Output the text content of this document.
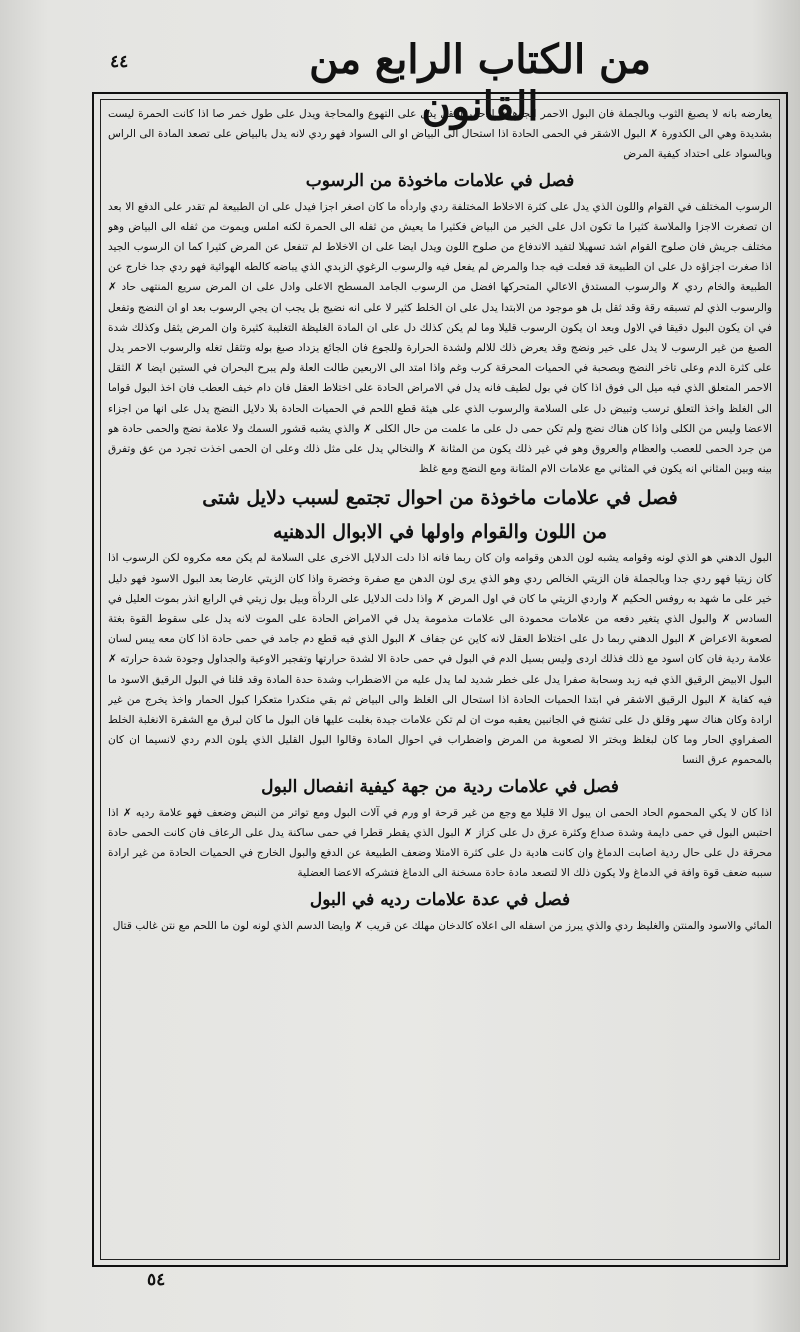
من الكتاب الرابع من القانون
٤٤

يعارضه بانه لا يصبغ الثوب وبالجملة فان البول الاحمر الجوهري الاحمر الثقل يدل على التهوع والمحاجة ويدل على طول خمر صا اذا كانت الحمرة ليست بشديدة وهي الى الكدورة ✗ البول الاشقر في الحمى الحادة اذا استحال الى البياض او الى السواد فهو ردي لانه يدل بالبياض على تصعد المادة الى الراس وبالسواد على احتداد كيفية المرض

فصل في علامات ماخوذة من الرسوب

الرسوب المختلف في القوام واللون الذي يدل على كثرة الاخلاط المختلفة ردي واردأه ما كان اصغر اجزا فيدل على ان الطبيعة لم تقدر على الدفع الا بعد ان تصغرت الاجزا والملاسة كثيرا ما تكون ادل على الخير من البياض فكثيرا ما يعيش من ثفله الى الحمرة لكنه املس ويموت من ثفله الى البياض وهو مختلف جريش فان صلوح القوام اشد تسهيلا لتفيد الاندفاع من صلوح اللون ويدل ايضا على ان الاخلاط لم تنفعل عن المرض كثيرا كما ان الرسوب الجيد اذا صغرت اجزاؤه دل على ان الطبيعة قد فعلت فيه جدا والمرض لم يفعل فيه والرسوب الرغوي الزبدي الذي يباضه كالطه الهوائية فهو ردي جدا خارج عن الطبيعة والخام ردي ✗ والرسوب المستدق الاعالي المتحركها افضل من الرسوب الجامد المسطح الاعلى وادل على ان المرض سريع المنتهى حاد ✗ والرسوب الذي لم تسبقه رقة وقد ثقل بل هو موجود من الابتدا يدل على ان الخلط كثير لا على انه نضيج بل يجب ان يجي الرسوب بعد او ان النضج وتفعل في ان يكون البول دقيقا في الاول وبعد ان يكون الرسوب قليلا وما لم يكن كذلك دل على ان المادة الغليظة التغليبة كثيرة وان المرض يثقل وكذلك شدة الصبغ من غير الرسوب لا يدل على خير ونضج وقد يعرض ذلك للالم ولشدة الحرارة وللجوع فان الجائع يزداد صبغ بوله وتثقل تغله والرسوب الاحمر يدل على كثرة الدم وعلى تاخر النضج وبصحبة في الحميات المحرقة كرب وغم واذا امتد الى الاربعين طالت العلة ولم يبرح البحران في الستين ايضا ✗ الثقل الاحمر المتعلق الذي فيه ميل الى فوق اذا كان في بول لطيف فانه يدل في الامراض الحادة على اختلاط العقل فان دام خيف العطب فان اخذ البول قواما الى الغلظ واخذ التعلق ترسب وتبيض دل على السلامة والرسوب الذي على هيئة قطع اللحم في الحميات الحادة بلا دلايل النضج يدل على انها من اجزاء الاعضا وليس من الكلى واذا كان هناك نضج ولم تكن حمى دل على ما علمت من حال الكلى ✗ والذي يشبه قشور السمك ولا علامة نضج والحمى حادة هو من جرد الحمى للعصب والعظام والعروق وهو في غير ذلك يكون من المثانة ✗ والنخالي يدل على مثل ذلك وعلى ان الحمى اخذت تجرد من عق وتفرق بينه وبين المثاني انه يكون في المثاني مع علامات الام المثانة ومع النضج ومع غلظ

فصل في علامات ماخوذة من احوال تجتمع لسبب دلايل شتى
من اللون والقوام واولها في الابوال الدهنيه

البول الدهني هو الذي لونه وقوامه يشبه لون الدهن وقوامه وان كان ربما فانه اذا دلت الدلايل الاخرى على السلامة لم يكن معه مكروه لكن الرسوب اذا كان زيتيا فهو ردي جدا وبالجملة فان الزيتي الخالص ردي وهو الذي يرى لون الدهن مع صفرة وخضرة واذا كان الزيتي عارضا بعد البول الاسود فهو دليل خير على ما شهد به روفس الحكيم ✗ واردي الزيتي ما كان في اول المرض ✗ واذا دلت الدلايل على الردأة وبيل بول زيتي في الرابع انذر بموت العليل في السادس ✗ والبول الذي يتغير دفعه من علامات محمودة الى علامات مذمومة يدل في الامراض الحادة على الموت لانه يدل على سقوط القوة بغتة لصعوبة الاعراض ✗ البول الدهني ربما دل على اختلاط العقل لانه كاين عن جفاف ✗ البول الذي فيه قطع دم جامد في حمى حادة اذا كان معه يبس لسان علامة ردية فان كان اسود مع ذلك فذلك اردى وليس بسيل الدم في البول في حمى حادة الا لشدة حرارتها وتفجير الاوعية والجداول وجودة شدة حرارته ✗ البول الابيض الرقيق الذي فيه زبد وسحابة صفرا يدل على خطر شديد لما يدل عليه من الاضطراب وشدة حدة المادة وقد قلنا في البول الرقيق الاسود ما فيه كفاية ✗ البول الرقيق الاشقر في ابتدا الحميات الحادة اذا استحال الى الغلظ والى البياض ثم بقي متكدرا متعكرا كبول الحمار واخذ يخرج من غير ارادة وكان هناك سهر وقلق دل على تشنج في الجانبين يعقبه موت ان لم تكن علامات جيدة بغلبت عليها فان البول ما كان لبرق مع الشقرة الانغلبة الخلط الصفراوي الحار وما كان لبغلظ وبختر الا لصعوبة من المرض واضطراب في احوال المادة وقالوا البول القليل الذي يلون الدم ردي لانسيما ان كان بالمحموم عرق النسا

فصل في علامات ردية من جهة كيفية انفصال البول

اذا كان لا يكي المحموم الحاد الحمى ان يبول الا قليلا مع وجع من غير قرحة او ورم في آلات البول ومع تواتر من النبض وضعف فهو علامة رديه ✗ اذا احتبس البول في حمى دايمة وشدة صداع وكثرة عرق دل على كزاز ✗ البول الذي يقطر قطرا في حمى ساكنة يدل على الرعاف فان كانت الحمى حادة محرقة دل على حال ردية اصابت الدماغ وان كانت هادية دل على كثرة الامتلا وضعف الطبيعة عن الدفع والبول الخارج في الحميات الحادة من غير ارادة سببه ضعف قوة وافة في الدماغ ولا يكون ذلك الا لتصعد مادة حادة مسخنة الى الدماغ فتشركه الاعضا العضلية

فصل في عدة علامات رديه في البول

المائي والاسود والمنتن والغليظ ردي والذي يبرز من اسفله الى اعلاه كالدخان مهلك عن قريب ✗ وايضا الدسم الذي لونه لون ما اللحم مع نتن غالب قتال

٥٤
